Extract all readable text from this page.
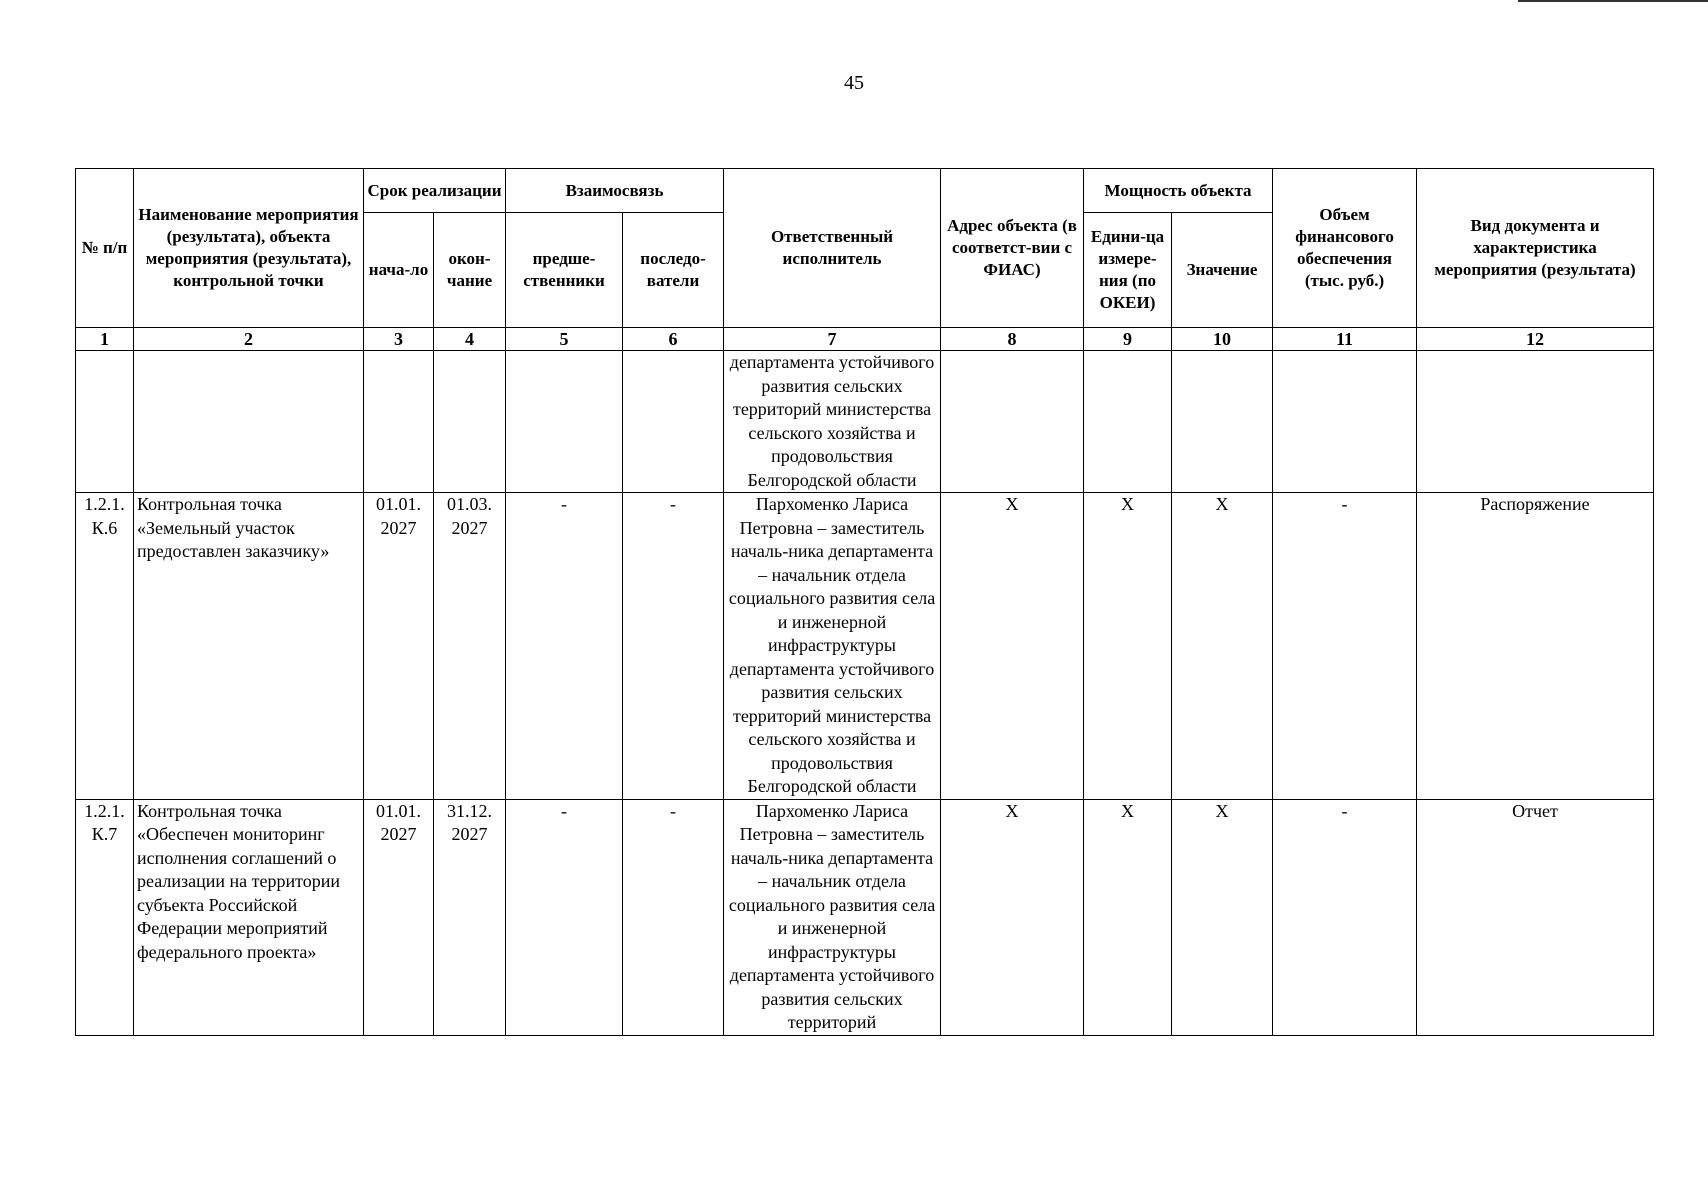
45
№ п/п	Наименование мероприятия (результата), объекта мероприятия (результата), контрольной точки	Срок реализации		Взаимосвязь		Ответственный исполнитель	Адрес объекта (в соответст-вии с ФИАС)	Мощность объекта		Объем финансового обеспечения (тыс. руб.)	Вид документа и характеристика мероприятия (результата)
		нача-ло	окон-чание	предше-ственники	последо-ватели			Едини-ца измере-ния (по ОКЕИ)	Значение		
1	2	3	4	5	6	7	8	9	10	11	12
						департамента устойчивого развития сельских территорий министерства сельского хозяйства и продовольствия Белгородской области					
1.2.1. К.6	Контрольная точка «Земельный участок предоставлен заказчику»	01.01. 2027	01.03. 2027	-	-	Пархоменко Лариса Петровна – заместитель началь-ника департамента – начальник отдела социального развития села и инженерной инфраструктуры департамента устойчивого развития сельских территорий министерства сельского хозяйства и продовольствия Белгородской области	X	X	X	-	Распоряжение
1.2.1. К.7	Контрольная точка «Обеспечен мониторинг исполнения соглашений о реализации на территории субъекта Российской Федерации мероприятий федерального проекта»	01.01. 2027	31.12. 2027	-	-	Пархоменко Лариса Петровна – заместитель началь-ника департамента – начальник отдела социального развития села и инженерной инфраструктуры департамента устойчивого развития сельских территорий	X	X	X	-	Отчет
